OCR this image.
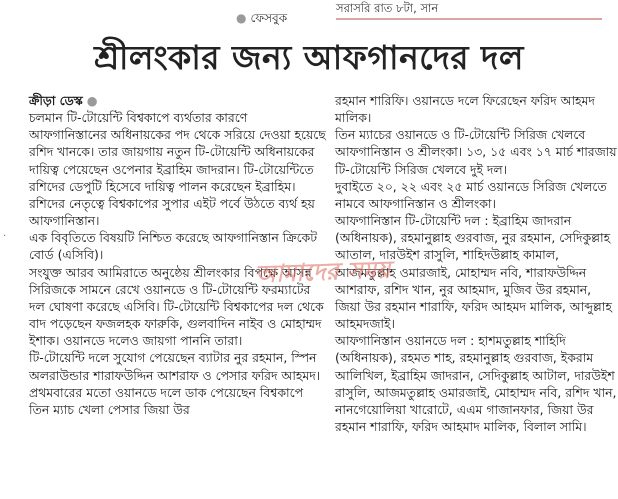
● ফেসবুক
সরাসরি রাত ৮টা, সান
শ্রীলংকার জন্য আফগানদের দল
·

ক্রীড়া ডেস্ক ●

চলমান টি-টোয়েন্টি বিশ্বকাপে ব্যর্থতার কারণে আফগানিস্তানের অধিনায়কের পদ থেকে সরিয়ে দেওয়া হয়েছে রশিদ খানকে। তার জায়গায় নতুন টি-টোয়েন্টি অধিনায়কের দায়িত্ব পেয়েছেন ওপেনার ইব্রাহিম জাদরান। টি-টোয়েন্টিতে রশিদের ডেপুটি হিসেবে দায়িত্ব পালন করেছেন ইব্রাহিম। রশিদের নেতৃত্বে বিশ্বকাপের সুপার এইট পর্বে উঠতে ব্যর্থ হয় আফগানিস্তান।

এক বিবৃতিতে বিষয়টি নিশ্চিত করেছে আফগানিস্তান ক্রিকেট বোর্ড (এসিবি)।

সংযুক্ত আরব আমিরাতে অনুষ্ঠেয় শ্রীলংকার বিপক্ষে আসন্ন সিরিজকে সামনে রেখে ওয়ানডে ও টি-টোয়েন্টি ফরম্যাটের দল ঘোষণা করেছে এসিবি। টি-টোয়েন্টি বিশ্বকাপের দল থেকে বাদ পড়েছেন ফজলহক ফারুকি, গুলবাদিন নাইব ও মোহাম্মদ ইশাক। ওয়ানডে দলেও জায়গা পাননি তারা।

টি-টোয়েন্টি দলে সুযোগ পেয়েছেন ব্যাটার নুর রহমান, স্পিন অলরাউন্ডার শারাফউদ্দিন আশরাফ ও পেসার ফরিদ আহমদ।

প্রথমবারের মতো ওয়ানডে দলে ডাক পেয়েছেন বিশ্বকাপে তিন ম্যাচ খেলা পেসার জিয়া উর

রহমান শারিফি। ওয়ানডে দলে ফিরেছেন ফরিদ আহমদ মালিক।

তিন ম্যাচের ওয়ানডে ও টি-টোয়েন্টি সিরিজ খেলবে আফগানিস্তান ও শ্রীলংকা। ১৩, ১৫ এবং ১৭ মার্চ শারজায় টি-টোয়েন্টি সিরিজ খেলবে দুই দল।

দুবাইতে ২০, ২২ এবং ২৫ মার্চ ওয়ানডে সিরিজ খেলতে নামবে আফগানিস্তান ও শ্রীলংকা।

আফগানিস্তান টি-টোয়েন্টি দল : ইব্রাহিম জাদরান (অধিনায়ক), রহমানুল্লাহ গুরবাজ, নুর রহমান, সেদিকুল্লাহ আতাল, দারউইশ রাসুলি, শাহিদউল্লাহ কামাল, আজমতুল্লাহ ওমারজাই, মোহাম্মদ নবি, শারাফউদ্দিন আশরাফ, রশিদ খান, নুর আহমাদ, মুজিব উর রহমান, জিয়া উর রহমান শারাফি, ফরিদ আহমদ মালিক, আব্দুল্লাহ আহমদজাই।

আফগানিস্তান ওয়ানডে দল : হাশমতুল্লাহ শাহিদি (অধিনায়ক), রহমত শাহ, রহমানুল্লাহ গুরবাজ, ইকরাম আলিখিল, ইব্রাহিম জাদরান, সেদিকুল্লাহ আটাল, দারউইশ রাসুলি, আজমতুল্লাহ ওমারজাই, মোহাম্মদ নবি, রশিদ খান, নানগেয়োলিয়া খারোটে, এএম গাজানফার, জিয়া উর রহমান শারাফি, ফরিদ আহমাদ মালিক, বিলাল সামি।

আমাদের সময়
